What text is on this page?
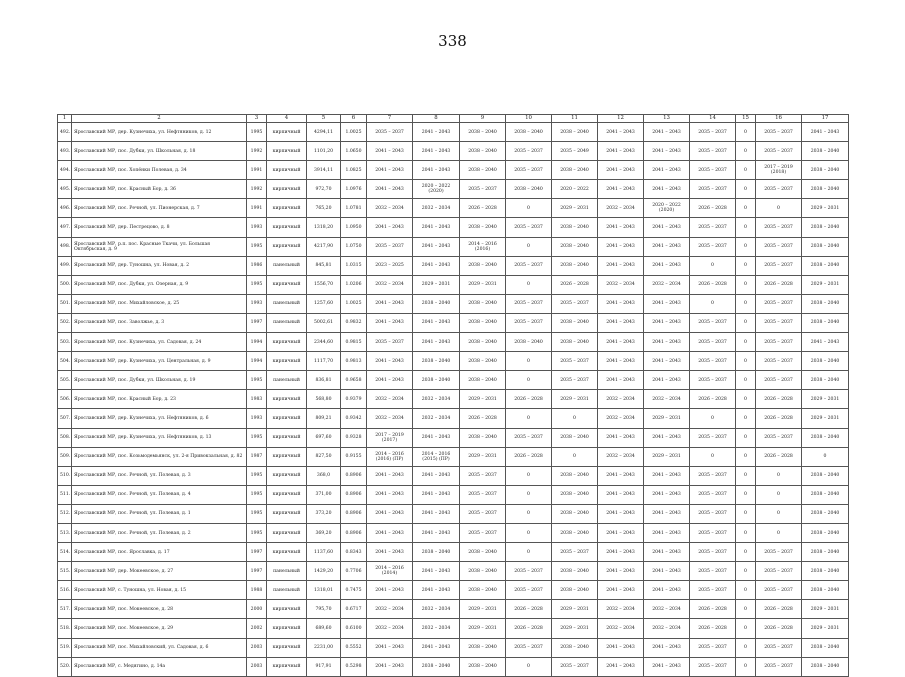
338
1	2	3	4	5	6	7	8	9	10	11	12	13	14	15	16	17
492.	Ярославский МР, дер. Кузнечиха, ул. Нефтяников, д. 12	1995	кирпичный	4294,11	1.0025	2035 – 2037	2041 – 2043	2038 – 2040	2038 – 2040	2038 – 2040	2041 – 2043	2041 – 2043	2035 – 2037	0	2035 – 2037	2041 – 2043
493.	Ярославский МР, пос. Дубки, ул. Школьная, д. 18	1992	кирпичный	1101,20	1.0650	2041 – 2043	2041 – 2043	2038 – 2040	2035 – 2037	2035 – 2049	2041 – 2043	2041 – 2043	2035 – 2037	0	2035 – 2037	2038 – 2040
494.	Ярославский МР, пос. Хопёнки Полевая, д. 34	1991	кирпичный	3914,11	1.0825	2041 – 2043	2041 – 2043	2038 – 2040	2035 – 2037	2038 – 2040	2041 – 2043	2041 – 2043	2035 – 2037	0	2017 – 2019 (2018)	2038 – 2040
495.	Ярославский МР, пос. Красный Бор, д. 36	1992	кирпичный	972,70	1.0976	2041 – 2043	2020 – 2022 (2020)	2035 – 2037	2038 – 2040	2020 – 2022	2041 – 2043	2041 – 2043	2035 – 2037	0	2035 – 2037	2038 – 2040
496.	Ярославский МР, пос. Речной, ул. Пионерская, д. 7	1991	кирпичный	765,20	1.0781	2032 – 2034	2032 – 2034	2026 – 2028	0	2029 – 2031	2032 – 2034	2020 – 2022 (2020)	2026 – 2028	0	0	2029 – 2031
497.	Ярославский МР, дер. Пестрецово, д. 8	1993	кирпичный	1318,20	1.0950	2041 – 2043	2041 – 2043	2038 – 2040	2035 – 2037	2038 – 2040	2041 – 2043	2041 – 2043	2035 – 2037	0	2035 – 2037	2038 – 2040
498.	Ярославский МР, р.п. пос. Красные Ткачи, ул. Большая Октябрьская, д. 9	1995	кирпичный	4217,90	1.0750	2035 – 2037	2041 – 2043	2014 – 2016 (2016)	0	2038 – 2040	2041 – 2043	2041 – 2043	2035 – 2037	0	2035 – 2037	2038 – 2040
499.	Ярославский МР, дер. Туношна, ул. Новая, д. 2	1986	панельный	845,81	1.0315	2023 – 2025	2041 – 2043	2038 – 2040	2035 – 2037	2038 – 2040	2041 – 2043	2041 – 2043	0	0	2035 – 2037	2038 – 2040
500.	Ярославский МР, пос. Дубки, ул. Озерная, д. 9	1995	кирпичный	1556,70	1.0206	2032 – 2034	2029 – 2031	2029 – 2031	0	2026 – 2028	2032 – 2034	2032 – 2034	2026 – 2028	0	2026 – 2028	2029 – 2031
501.	Ярославский МР, пос. Михайловское, д. 25	1993	панельный	1257,60	1.0025	2041 – 2043	2038 – 2040	2038 – 2040	2035 – 2037	2035 – 2037	2041 – 2043	2041 – 2043	0	0	2035 – 2037	2038 – 2040
502.	Ярославский МР, пос. Заволжье, д. 3	1997	панельный	5002,61	0.9832	2041 – 2043	2041 – 2043	2038 – 2040	2035 – 2037	2038 – 2040	2041 – 2043	2041 – 2043	2035 – 2037	0	2035 – 2037	2038 – 2040
503.	Ярославский МР, пос. Кузнечиха, ул. Садовая, д. 24	1994	кирпичный	2344,60	0.9815	2035 – 2037	2041 – 2043	2038 – 2040	2038 – 2040	2038 – 2040	2041 – 2043	2041 – 2043	2035 – 2037	0	2035 – 2037	2041 – 2043
504.	Ярославский МР, дер. Кузнечиха, ул. Центральная, д. 9	1994	кирпичный	1117,70	0.9813	2041 – 2043	2038 – 2040	2038 – 2040	0	2035 – 2037	2041 – 2043	2041 – 2043	2035 – 2037	0	2035 – 2037	2038 – 2040
505.	Ярославский МР, пос. Дубки, ул. Школьная, д. 19	1995	панельный	836,81	0.9658	2041 – 2043	2038 – 2040	2038 – 2040	0	2035 – 2037	2041 – 2043	2041 – 2043	2035 – 2037	0	2035 – 2037	2038 – 2040
506.	Ярославский МР, пос. Красный Бор, д. 23	1983	кирпичный	568,80	0.9379	2032 – 2034	2032 – 2034	2029 – 2031	2026 – 2028	2029 – 2031	2032 – 2034	2032 – 2034	2026 – 2028	0	2026 – 2028	2029 – 2031
507.	Ярославский МР, дер. Кузнечиха, ул. Нефтяников, д. 6	1993	кирпичный	809,21	0.9342	2032 – 2034	2032 – 2034	2026 – 2028	0	0	2032 – 2034	2029 – 2031	0	0	2026 – 2028	2029 – 2031
508.	Ярославский МР, дер. Кузнечиха, ул. Нефтяников, д. 13	1995	кирпичный	697,60	0.9328	2017 – 2019 (2017)	2041 – 2043	2038 – 2040	2035 – 2037	2038 – 2040	2041 – 2043	2041 – 2043	2035 – 2037	0	2035 – 2037	2038 – 2040
509.	Ярославский МР, пос. Козьмодемьянск, ул. 2-я Привокзальная, д. 82	1987	кирпичный	827,50	0.9155	2014 – 2016 (2016) (ПР)	2014 – 2016 (2015) (ПР)	2029 – 2031	2026 – 2028	0	2032 – 2034	2029 – 2031	0	0	2026 – 2028	0
510.	Ярославский МР, пос. Речной, ул. Полевая, д. 3	1995	кирпичный	368,0	0.8906	2041 – 2043	2041 – 2043	2035 – 2037	0	2038 – 2040	2041 – 2043	2041 – 2043	2035 – 2037	0	0	2038 – 2040
511.	Ярославский МР, пос. Речной, ул. Полевая, д. 4	1995	кирпичный	371,00	0.8906	2041 – 2043	2041 – 2043	2035 – 2037	0	2038 – 2040	2041 – 2043	2041 – 2043	2035 – 2037	0	0	2038 – 2040
512.	Ярославский МР, пос. Речной, ул. Полевая, д. 1	1995	кирпичный	373,20	0.8906	2041 – 2043	2041 – 2043	2035 – 2037	0	2038 – 2040	2041 – 2043	2041 – 2043	2035 – 2037	0	0	2038 – 2040
513.	Ярославский МР, пос. Речной, ул. Полевая, д. 2	1995	кирпичный	369,20	0.8906	2041 – 2043	2041 – 2043	2035 – 2037	0	2038 – 2040	2041 – 2043	2041 – 2043	2035 – 2037	0	0	2038 – 2040
514.	Ярославский МР, пос. Ярославка, д. 17	1997	кирпичный	1137,60	0.8343	2041 – 2043	2038 – 2040	2038 – 2040	0	2035 – 2037	2041 – 2043	2041 – 2043	2035 – 2037	0	2035 – 2037	2038 – 2040
515.	Ярославский МР, дер. Мокеевское, д. 27	1997	панельный	1429,20	0.7706	2014 – 2016 (2014)	2041 – 2043	2038 – 2040	2035 – 2037	2038 – 2040	2041 – 2043	2041 – 2043	2035 – 2037	0	2035 – 2037	2038 – 2040
516.	Ярославский МР, с. Туношна, ул. Новая, д. 15	1988	панельный	1318,01	0.7475	2041 – 2043	2041 – 2043	2038 – 2040	2035 – 2037	2038 – 2040	2041 – 2043	2041 – 2043	2035 – 2037	0	2035 – 2037	2038 – 2040
517.	Ярославский МР, пос. Мокеевское, д. 28	2000	кирпичный	795,70	0.6717	2032 – 2034	2032 – 2034	2029 – 2031	2026 – 2028	2029 – 2031	2032 – 2034	2032 – 2034	2026 – 2028	0	2026 – 2028	2029 – 2031
518.	Ярославский МР, пос. Мокеевское, д. 29	2002	кирпичный	689,60	0.6100	2032 – 2034	2032 – 2034	2029 – 2031	2026 – 2028	2029 – 2031	2032 – 2034	2032 – 2034	2026 – 2028	0	2026 – 2028	2029 – 2031
519.	Ярославский МР, пос. Михайловский, ул. Садовая, д. 6	2003	кирпичный	2231,00	0.5552	2041 – 2043	2041 – 2043	2038 – 2040	2035 – 2037	2038 – 2040	2041 – 2043	2041 – 2043	2035 – 2037	0	2035 – 2037	2038 – 2040
520.	Ярославский МР, с. Медягино, д. 14а	2003	кирпичный	917,91	0.5298	2041 – 2043	2038 – 2040	2038 – 2040	0	2035 – 2037	2041 – 2043	2041 – 2043	2035 – 2037	0	2035 – 2037	2038 – 2040
